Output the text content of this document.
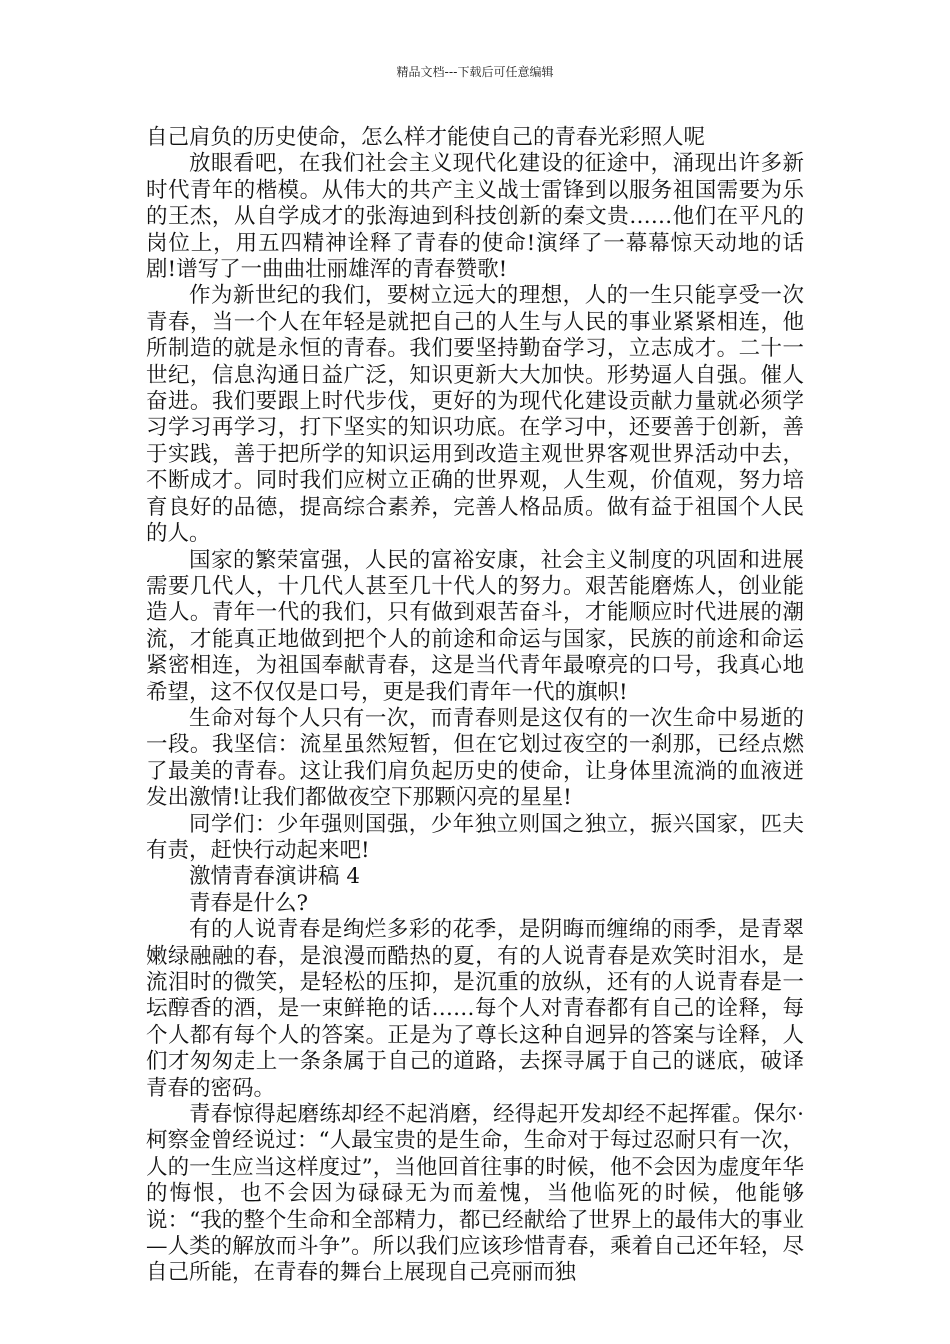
精品文档---下载后可任意编辑

自己肩负的历史使命，怎么样才能使自己的青春光彩照人呢

放眼看吧，在我们社会主义现代化建设的征途中，涌现出许多新时代青年的楷模。从伟大的共产主义战士雷锋到以服务祖国需要为乐的王杰，从自学成才的张海迪到科技创新的秦文贵……他们在平凡的岗位上，用五四精神诠释了青春的使命!演绎了一幕幕惊天动地的话剧!谱写了一曲曲壮丽雄浑的青春赞歌!

作为新世纪的我们，要树立远大的理想，人的一生只能享受一次青春，当一个人在年轻是就把自己的人生与人民的事业紧紧相连，他所制造的就是永恒的青春。我们要坚持勤奋学习，立志成才。二十一世纪，信息沟通日益广泛，知识更新大大加快。形势逼人自强。催人奋进。我们要跟上时代步伐，更好的为现代化建设贡献力量就必须学习学习再学习，打下坚实的知识功底。在学习中，还要善于创新，善于实践，善于把所学的知识运用到改造主观世界客观世界活动中去，不断成才。同时我们应树立正确的世界观，人生观，价值观，努力培育良好的品德，提高综合素养，完善人格品质。做有益于祖国个人民的人。

国家的繁荣富强，人民的富裕安康，社会主义制度的巩固和进展需要几代人，十几代人甚至几十代人的努力。艰苦能磨炼人，创业能造人。青年一代的我们，只有做到艰苦奋斗，才能顺应时代进展的潮流，才能真正地做到把个人的前途和命运与国家，民族的前途和命运紧密相连，为祖国奉献青春，这是当代青年最嘹亮的口号，我真心地希望，这不仅仅是口号，更是我们青年一代的旗帜!

生命对每个人只有一次，而青春则是这仅有的一次生命中易逝的一段。我坚信：流星虽然短暂，但在它划过夜空的一刹那，已经点燃了最美的青春。这让我们肩负起历史的使命，让身体里流淌的血液迸发出激情!让我们都做夜空下那颗闪亮的星星!

同学们：少年强则国强，少年独立则国之独立，振兴国家，匹夫有责，赶快行动起来吧!

激情青春演讲稿 4

青春是什么?

有的人说青春是绚烂多彩的花季，是阴晦而缠绵的雨季，是青翠嫩绿融融的春，是浪漫而酷热的夏，有的人说青春是欢笑时泪水，是流泪时的微笑，是轻松的压抑，是沉重的放纵，还有的人说青春是一坛醇香的酒，是一束鲜艳的话……每个人对青春都有自己的诠释，每个人都有每个人的答案。正是为了尊长这种自迥异的答案与诠释，人们才匆匆走上一条条属于自己的道路，去探寻属于自己的谜底，破译青春的密码。

青春惊得起磨练却经不起消磨，经得起开发却经不起挥霍。保尔·柯察金曾经说过：“人最宝贵的是生命，生命对于每过忍耐只有一次，人的一生应当这样度过”，当他回首往事的时候，他不会因为虚度年华的悔恨，也不会因为碌碌无为而羞愧，当他临死的时候，他能够说：“我的整个生命和全部精力，都已经献给了世界上的最伟大的事业—人类的解放而斗争”。所以我们应该珍惜青春，乘着自己还年轻，尽自己所能，在青春的舞台上展现自己亮丽而独
